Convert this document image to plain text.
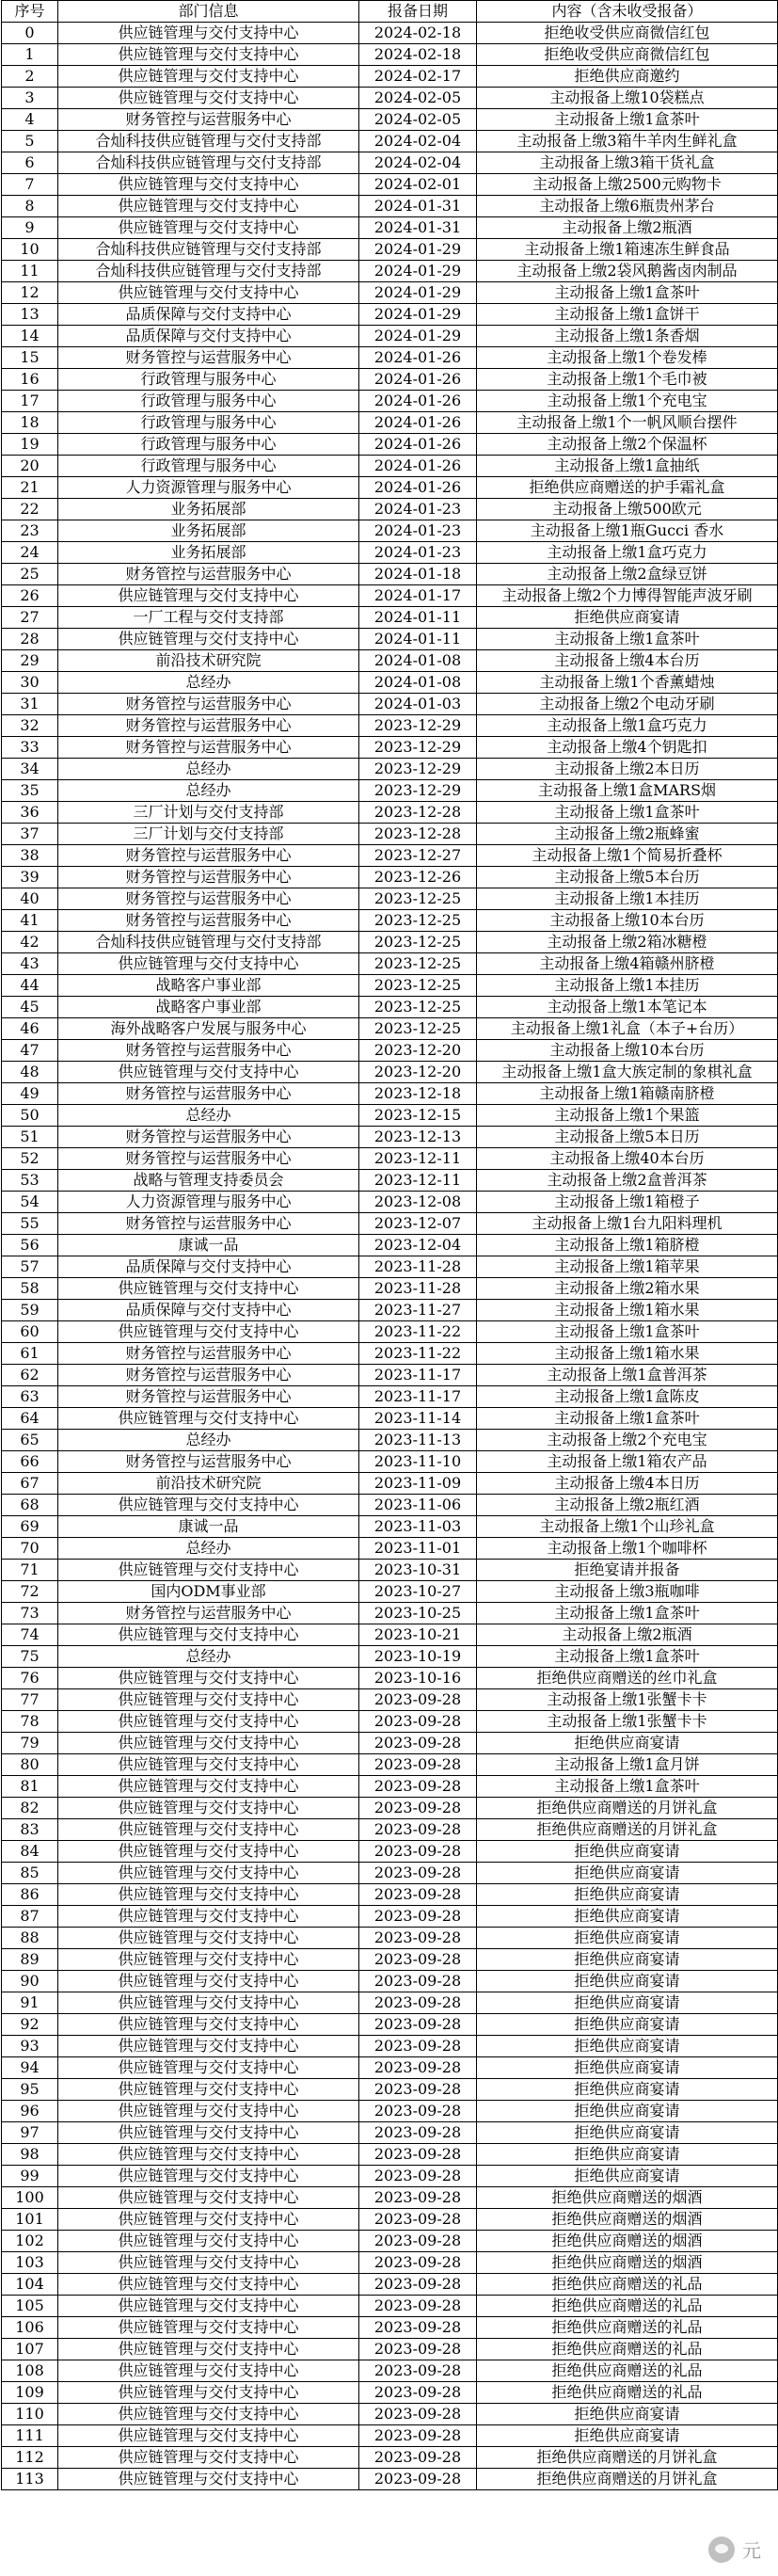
序号	部门信息	报备日期	内容（含未收受报备）
0	供应链管理与交付支持中心	2024-02-18	拒绝收受供应商微信红包
1	供应链管理与交付支持中心	2024-02-18	拒绝收受供应商微信红包
2	供应链管理与交付支持中心	2024-02-17	拒绝供应商邀约
3	供应链管理与交付支持中心	2024-02-05	主动报备上缴10袋糕点
4	财务管控与运营服务中心	2024-02-05	主动报备上缴1盒茶叶
5	合灿科技供应链管理与交付支持部	2024-02-04	主动报备上缴3箱牛羊肉生鲜礼盒
6	合灿科技供应链管理与交付支持部	2024-02-04	主动报备上缴3箱干货礼盒
7	供应链管理与交付支持中心	2024-02-01	主动报备上缴2500元购物卡
8	供应链管理与交付支持中心	2024-01-31	主动报备上缴6瓶贵州茅台
9	供应链管理与交付支持中心	2024-01-31	主动报备上缴2瓶酒
10	合灿科技供应链管理与交付支持部	2024-01-29	主动报备上缴1箱速冻生鲜食品
11	合灿科技供应链管理与交付支持部	2024-01-29	主动报备上缴2袋风鹅酱卤肉制品
12	供应链管理与交付支持中心	2024-01-29	主动报备上缴1盒茶叶
13	品质保障与交付支持中心	2024-01-29	主动报备上缴1盒饼干
14	品质保障与交付支持中心	2024-01-29	主动报备上缴1条香烟
15	财务管控与运营服务中心	2024-01-26	主动报备上缴1个卷发棒
16	行政管理与服务中心	2024-01-26	主动报备上缴1个毛巾被
17	行政管理与服务中心	2024-01-26	主动报备上缴1个充电宝
18	行政管理与服务中心	2024-01-26	主动报备上缴1个一帆风顺台摆件
19	行政管理与服务中心	2024-01-26	主动报备上缴2个保温杯
20	行政管理与服务中心	2024-01-26	主动报备上缴1盒抽纸
21	人力资源管理与服务中心	2024-01-26	拒绝供应商赠送的护手霜礼盒
22	业务拓展部	2024-01-23	主动报备上缴500欧元
23	业务拓展部	2024-01-23	主动报备上缴1瓶Gucci 香水
24	业务拓展部	2024-01-23	主动报备上缴1盒巧克力
25	财务管控与运营服务中心	2024-01-18	主动报备上缴2盒绿豆饼
26	供应链管理与交付支持中心	2024-01-17	主动报备上缴2个力博得智能声波牙刷
27	一厂工程与交付支持部	2024-01-11	拒绝供应商宴请
28	供应链管理与交付支持中心	2024-01-11	主动报备上缴1盒茶叶
29	前沿技术研究院	2024-01-08	主动报备上缴4本台历
30	总经办	2024-01-08	主动报备上缴1个香薰蜡烛
31	财务管控与运营服务中心	2024-01-03	主动报备上缴2个电动牙刷
32	财务管控与运营服务中心	2023-12-29	主动报备上缴1盒巧克力
33	财务管控与运营服务中心	2023-12-29	主动报备上缴4个钥匙扣
34	总经办	2023-12-29	主动报备上缴2本日历
35	总经办	2023-12-29	主动报备上缴1盒MARS烟
36	三厂计划与交付支持部	2023-12-28	主动报备上缴1盒茶叶
37	三厂计划与交付支持部	2023-12-28	主动报备上缴2瓶蜂蜜
38	财务管控与运营服务中心	2023-12-27	主动报备上缴1个简易折叠杯
39	财务管控与运营服务中心	2023-12-26	主动报备上缴5本台历
40	财务管控与运营服务中心	2023-12-25	主动报备上缴1本挂历
41	财务管控与运营服务中心	2023-12-25	主动报备上缴10本台历
42	合灿科技供应链管理与交付支持部	2023-12-25	主动报备上缴2箱冰糖橙
43	供应链管理与交付支持中心	2023-12-25	主动报备上缴4箱赣州脐橙
44	战略客户事业部	2023-12-25	主动报备上缴1本挂历
45	战略客户事业部	2023-12-25	主动报备上缴1本笔记本
46	海外战略客户发展与服务中心	2023-12-25	主动报备上缴1礼盒（本子+台历）
47	财务管控与运营服务中心	2023-12-20	主动报备上缴10本台历
48	供应链管理与交付支持中心	2023-12-20	主动报备上缴1盒大族定制的象棋礼盒
49	财务管控与运营服务中心	2023-12-18	主动报备上缴1箱赣南脐橙
50	总经办	2023-12-15	主动报备上缴1个果篮
51	财务管控与运营服务中心	2023-12-13	主动报备上缴5本日历
52	财务管控与运营服务中心	2023-12-11	主动报备上缴40本台历
53	战略与管理支持委员会	2023-12-11	主动报备上缴2盒普洱茶
54	人力资源管理与服务中心	2023-12-08	主动报备上缴1箱橙子
55	财务管控与运营服务中心	2023-12-07	主动报备上缴1台九阳料理机
56	康诚一品	2023-12-04	主动报备上缴1箱脐橙
57	品质保障与交付支持中心	2023-11-28	主动报备上缴1箱苹果
58	供应链管理与交付支持中心	2023-11-28	主动报备上缴2箱水果
59	品质保障与交付支持中心	2023-11-27	主动报备上缴1箱水果
60	供应链管理与交付支持中心	2023-11-22	主动报备上缴1盒茶叶
61	财务管控与运营服务中心	2023-11-22	主动报备上缴1箱水果
62	财务管控与运营服务中心	2023-11-17	主动报备上缴1盒普洱茶
63	财务管控与运营服务中心	2023-11-17	主动报备上缴1盒陈皮
64	供应链管理与交付支持中心	2023-11-14	主动报备上缴1盒茶叶
65	总经办	2023-11-13	主动报备上缴2个充电宝
66	财务管控与运营服务中心	2023-11-10	主动报备上缴1箱农产品
67	前沿技术研究院	2023-11-09	主动报备上缴4本日历
68	供应链管理与交付支持中心	2023-11-06	主动报备上缴2瓶红酒
69	康诚一品	2023-11-03	主动报备上缴1个山珍礼盒
70	总经办	2023-11-01	主动报备上缴1个咖啡杯
71	供应链管理与交付支持中心	2023-10-31	拒绝宴请并报备
72	国内ODM事业部	2023-10-27	主动报备上缴3瓶咖啡
73	财务管控与运营服务中心	2023-10-25	主动报备上缴1盒茶叶
74	供应链管理与交付支持中心	2023-10-21	主动报备上缴2瓶酒
75	总经办	2023-10-19	主动报备上缴1盒茶叶
76	供应链管理与交付支持中心	2023-10-16	拒绝供应商赠送的丝巾礼盒
77	供应链管理与交付支持中心	2023-09-28	主动报备上缴1张蟹卡卡
78	供应链管理与交付支持中心	2023-09-28	主动报备上缴1张蟹卡卡
79	供应链管理与交付支持中心	2023-09-28	拒绝供应商宴请
80	供应链管理与交付支持中心	2023-09-28	主动报备上缴1盒月饼
81	供应链管理与交付支持中心	2023-09-28	主动报备上缴1盒茶叶
82	供应链管理与交付支持中心	2023-09-28	拒绝供应商赠送的月饼礼盒
83	供应链管理与交付支持中心	2023-09-28	拒绝供应商赠送的月饼礼盒
84	供应链管理与交付支持中心	2023-09-28	拒绝供应商宴请
85	供应链管理与交付支持中心	2023-09-28	拒绝供应商宴请
86	供应链管理与交付支持中心	2023-09-28	拒绝供应商宴请
87	供应链管理与交付支持中心	2023-09-28	拒绝供应商宴请
88	供应链管理与交付支持中心	2023-09-28	拒绝供应商宴请
89	供应链管理与交付支持中心	2023-09-28	拒绝供应商宴请
90	供应链管理与交付支持中心	2023-09-28	拒绝供应商宴请
91	供应链管理与交付支持中心	2023-09-28	拒绝供应商宴请
92	供应链管理与交付支持中心	2023-09-28	拒绝供应商宴请
93	供应链管理与交付支持中心	2023-09-28	拒绝供应商宴请
94	供应链管理与交付支持中心	2023-09-28	拒绝供应商宴请
95	供应链管理与交付支持中心	2023-09-28	拒绝供应商宴请
96	供应链管理与交付支持中心	2023-09-28	拒绝供应商宴请
97	供应链管理与交付支持中心	2023-09-28	拒绝供应商宴请
98	供应链管理与交付支持中心	2023-09-28	拒绝供应商宴请
99	供应链管理与交付支持中心	2023-09-28	拒绝供应商宴请
100	供应链管理与交付支持中心	2023-09-28	拒绝供应商赠送的烟酒
101	供应链管理与交付支持中心	2023-09-28	拒绝供应商赠送的烟酒
102	供应链管理与交付支持中心	2023-09-28	拒绝供应商赠送的烟酒
103	供应链管理与交付支持中心	2023-09-28	拒绝供应商赠送的烟酒
104	供应链管理与交付支持中心	2023-09-28	拒绝供应商赠送的礼品
105	供应链管理与交付支持中心	2023-09-28	拒绝供应商赠送的礼品
106	供应链管理与交付支持中心	2023-09-28	拒绝供应商赠送的礼品
107	供应链管理与交付支持中心	2023-09-28	拒绝供应商赠送的礼品
108	供应链管理与交付支持中心	2023-09-28	拒绝供应商赠送的礼品
109	供应链管理与交付支持中心	2023-09-28	拒绝供应商赠送的礼品
110	供应链管理与交付支持中心	2023-09-28	拒绝供应商宴请
111	供应链管理与交付支持中心	2023-09-28	拒绝供应商宴请
112	供应链管理与交付支持中心	2023-09-28	拒绝供应商赠送的月饼礼盒
113	供应链管理与交付支持中心	2023-09-28	拒绝供应商赠送的月饼礼盒
元
